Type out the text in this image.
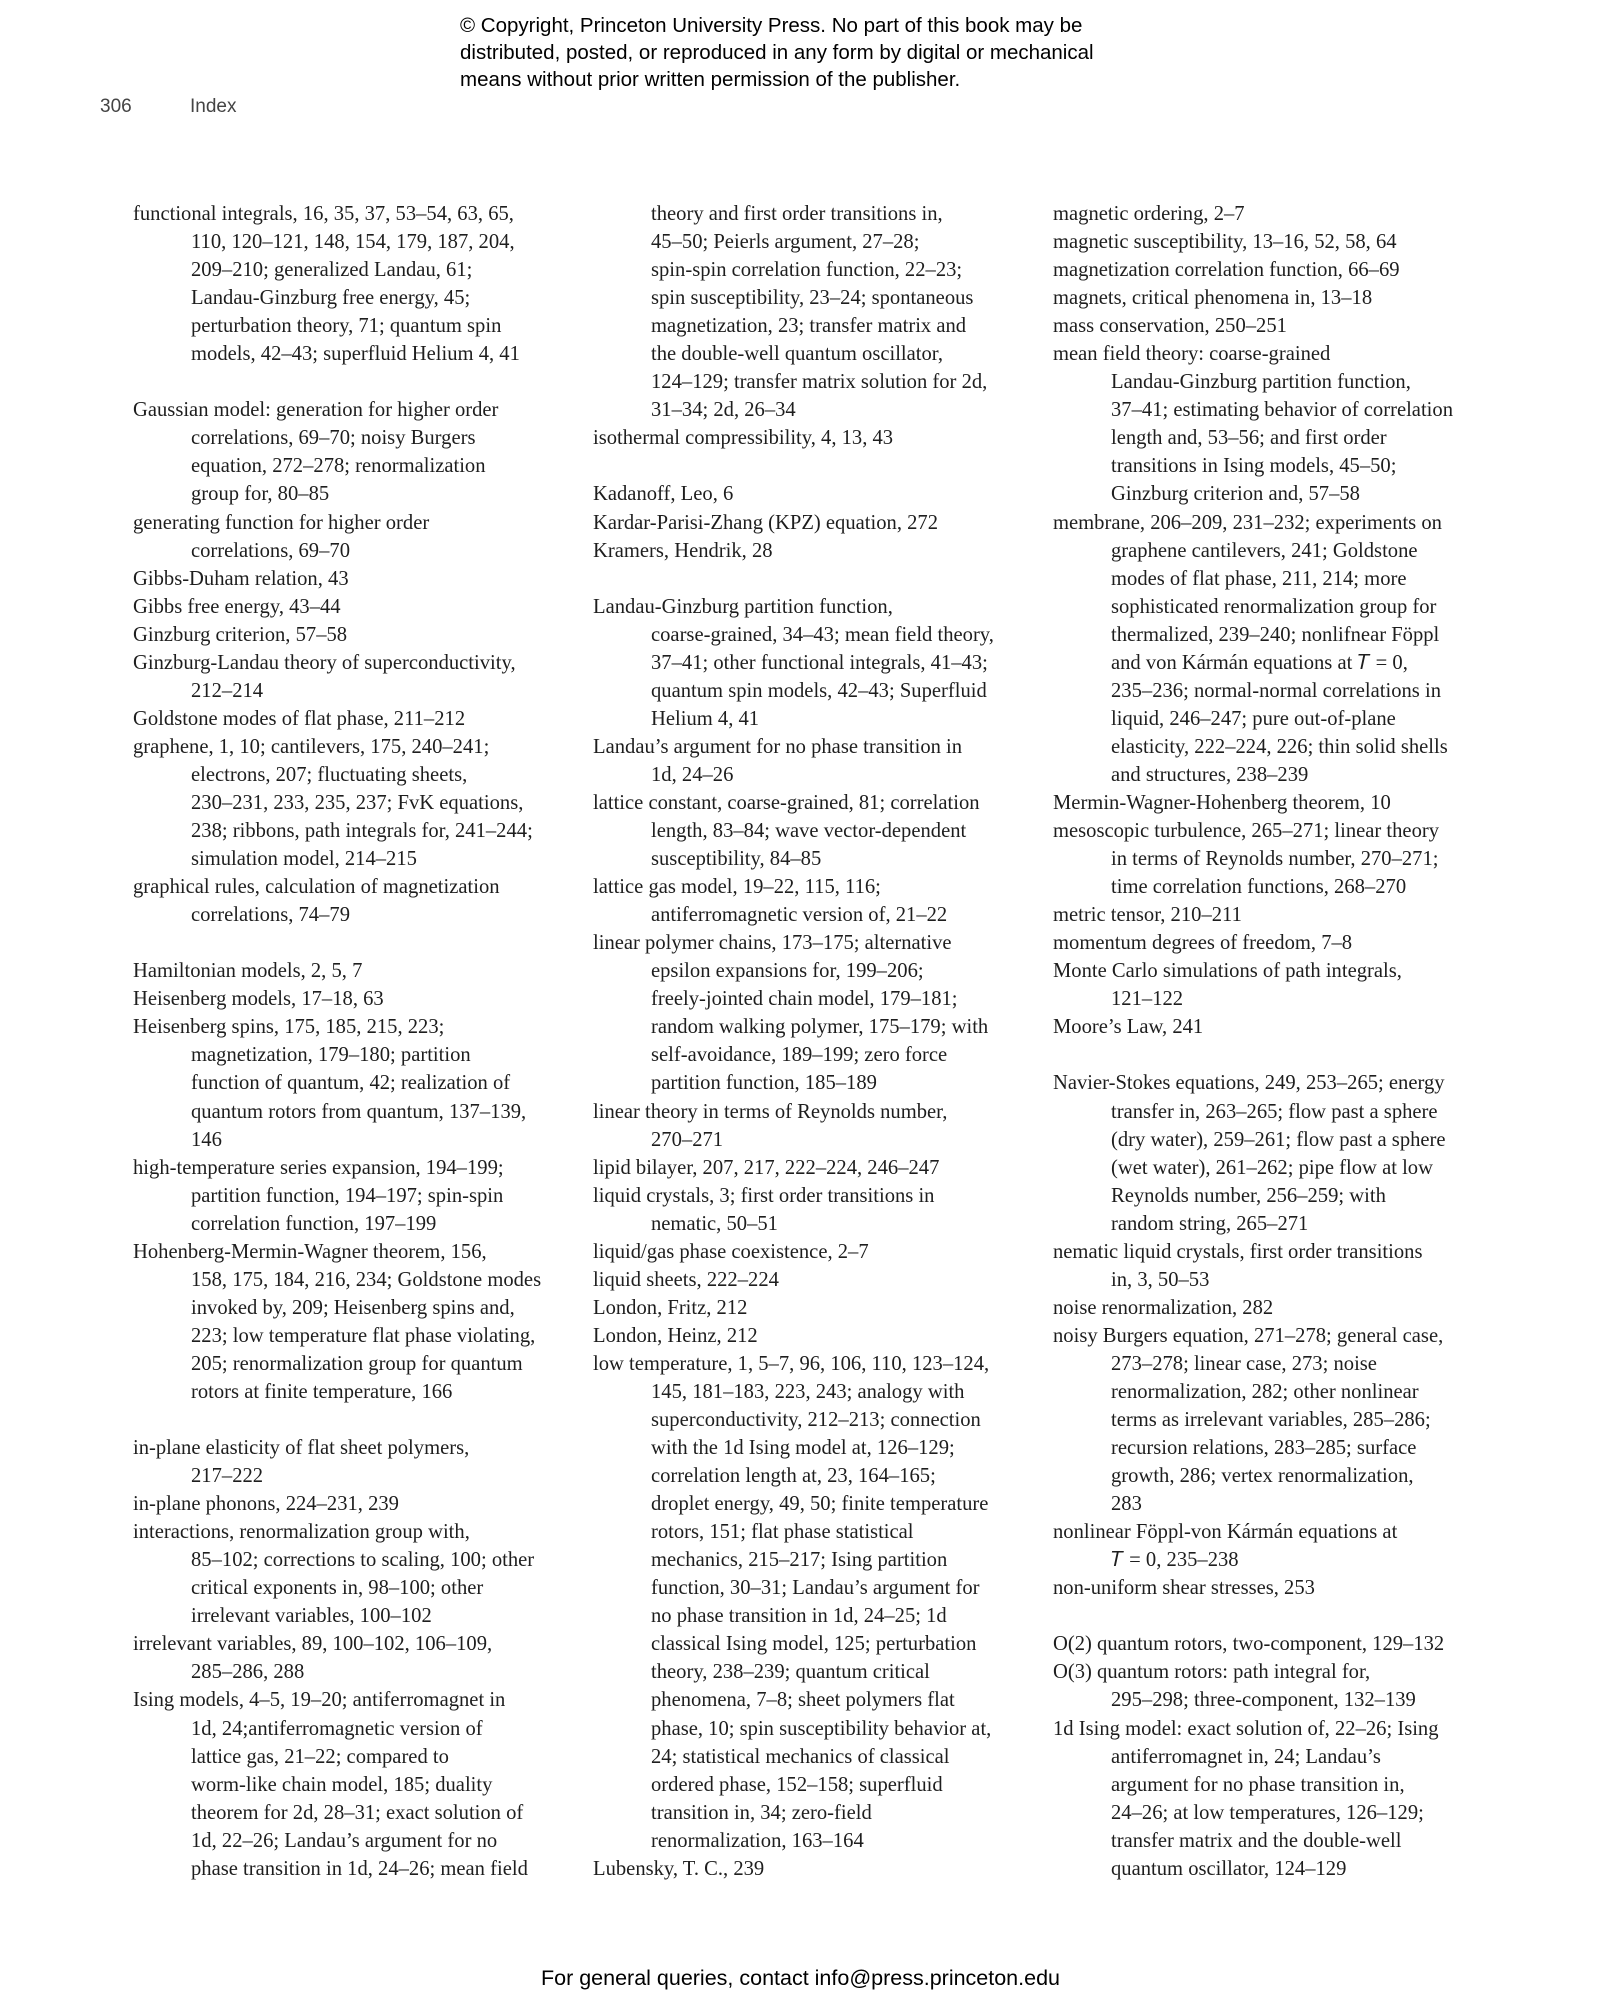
© Copyright, Princeton University Press. No part of this book may be
distributed, posted, or reproduced in any form by digital or mechanical
means without prior written permission of the publisher.
306	Index
functional integrals, 16, 35, 37, 53–54, 63, 65,
110, 120–121, 148, 154, 179, 187, 204,
209–210; generalized Landau, 61;
Landau-Ginzburg free energy, 45;
perturbation theory, 71; quantum spin
models, 42–43; superfluid Helium 4, 41
Gaussian model: generation for higher order
correlations, 69–70; noisy Burgers
equation, 272–278; renormalization
group for, 80–85
generating function for higher order
correlations, 69–70
Gibbs-Duham relation, 43
Gibbs free energy, 43–44
Ginzburg criterion, 57–58
Ginzburg-Landau theory of superconductivity,
212–214
Goldstone modes of flat phase, 211–212
graphene, 1, 10; cantilevers, 175, 240–241;
electrons, 207; fluctuating sheets,
230–231, 233, 235, 237; FvK equations,
238; ribbons, path integrals for, 241–244;
simulation model, 214–215
graphical rules, calculation of magnetization
correlations, 74–79
Hamiltonian models, 2, 5, 7
Heisenberg models, 17–18, 63
Heisenberg spins, 175, 185, 215, 223;
magnetization, 179–180; partition
function of quantum, 42; realization of
quantum rotors from quantum, 137–139,
146
high-temperature series expansion, 194–199;
partition function, 194–197; spin-spin
correlation function, 197–199
Hohenberg-Mermin-Wagner theorem, 156,
158, 175, 184, 216, 234; Goldstone modes
invoked by, 209; Heisenberg spins and,
223; low temperature flat phase violating,
205; renormalization group for quantum
rotors at finite temperature, 166
in-plane elasticity of flat sheet polymers,
217–222
in-plane phonons, 224–231, 239
interactions, renormalization group with,
85–102; corrections to scaling, 100; other
critical exponents in, 98–100; other
irrelevant variables, 100–102
irrelevant variables, 89, 100–102, 106–109,
285–286, 288
Ising models, 4–5, 19–20; antiferromagnet in
1d, 24;antiferromagnetic version of
lattice gas, 21–22; compared to
worm-like chain model, 185; duality
theorem for 2d, 28–31; exact solution of
1d, 22–26; Landau’s argument for no
phase transition in 1d, 24–26; mean field
theory and first order transitions in,
45–50; Peierls argument, 27–28;
spin-spin correlation function, 22–23;
spin susceptibility, 23–24; spontaneous
magnetization, 23; transfer matrix and
the double-well quantum oscillator,
124–129; transfer matrix solution for 2d,
31–34; 2d, 26–34
isothermal compressibility, 4, 13, 43
Kadanoff, Leo, 6
Kardar-Parisi-Zhang (KPZ) equation, 272
Kramers, Hendrik, 28
Landau-Ginzburg partition function,
coarse-grained, 34–43; mean field theory,
37–41; other functional integrals, 41–43;
quantum spin models, 42–43; Superfluid
Helium 4, 41
Landau’s argument for no phase transition in
1d, 24–26
lattice constant, coarse-grained, 81; correlation
length, 83–84; wave vector-dependent
susceptibility, 84–85
lattice gas model, 19–22, 115, 116;
antiferromagnetic version of, 21–22
linear polymer chains, 173–175; alternative
epsilon expansions for, 199–206;
freely-jointed chain model, 179–181;
random walking polymer, 175–179; with
self-avoidance, 189–199; zero force
partition function, 185–189
linear theory in terms of Reynolds number,
270–271
lipid bilayer, 207, 217, 222–224, 246–247
liquid crystals, 3; first order transitions in
nematic, 50–51
liquid/gas phase coexistence, 2–7
liquid sheets, 222–224
London, Fritz, 212
London, Heinz, 212
low temperature, 1, 5–7, 96, 106, 110, 123–124,
145, 181–183, 223, 243; analogy with
superconductivity, 212–213; connection
with the 1d Ising model at, 126–129;
correlation length at, 23, 164–165;
droplet energy, 49, 50; finite temperature
rotors, 151; flat phase statistical
mechanics, 215–217; Ising partition
function, 30–31; Landau’s argument for
no phase transition in 1d, 24–25; 1d
classical Ising model, 125; perturbation
theory, 238–239; quantum critical
phenomena, 7–8; sheet polymers flat
phase, 10; spin susceptibility behavior at,
24; statistical mechanics of classical
ordered phase, 152–158; superfluid
transition in, 34; zero-field
renormalization, 163–164
Lubensky, T. C., 239
magnetic ordering, 2–7
magnetic susceptibility, 13–16, 52, 58, 64
magnetization correlation function, 66–69
magnets, critical phenomena in, 13–18
mass conservation, 250–251
mean field theory: coarse-grained
Landau-Ginzburg partition function,
37–41; estimating behavior of correlation
length and, 53–56; and first order
transitions in Ising models, 45–50;
Ginzburg criterion and, 57–58
membrane, 206–209, 231–232; experiments on
graphene cantilevers, 241; Goldstone
modes of flat phase, 211, 214; more
sophisticated renormalization group for
thermalized, 239–240; nonlifnear Föppl
and von Kármán equations at 𝑇 = 0,
235–236; normal-normal correlations in
liquid, 246–247; pure out-of-plane
elasticity, 222–224, 226; thin solid shells
and structures, 238–239
Mermin-Wagner-Hohenberg theorem, 10
mesoscopic turbulence, 265–271; linear theory
in terms of Reynolds number, 270–271;
time correlation functions, 268–270
metric tensor, 210–211
momentum degrees of freedom, 7–8
Monte Carlo simulations of path integrals,
121–122
Moore’s Law, 241
Navier-Stokes equations, 249, 253–265; energy
transfer in, 263–265; flow past a sphere
(dry water), 259–261; flow past a sphere
(wet water), 261–262; pipe flow at low
Reynolds number, 256–259; with
random string, 265–271
nematic liquid crystals, first order transitions
in, 3, 50–53
noise renormalization, 282
noisy Burgers equation, 271–278; general case,
273–278; linear case, 273; noise
renormalization, 282; other nonlinear
terms as irrelevant variables, 285–286;
recursion relations, 283–285; surface
growth, 286; vertex renormalization,
283
nonlinear Föppl-von Kármán equations at
𝑇 = 0, 235–238
non-uniform shear stresses, 253
O(2) quantum rotors, two-component, 129–132
O(3) quantum rotors: path integral for,
295–298; three-component, 132–139
1d Ising model: exact solution of, 22–26; Ising
antiferromagnet in, 24; Landau’s
argument for no phase transition in,
24–26; at low temperatures, 126–129;
transfer matrix and the double-well
quantum oscillator, 124–129
For general queries, contact info@press.princeton.edu
